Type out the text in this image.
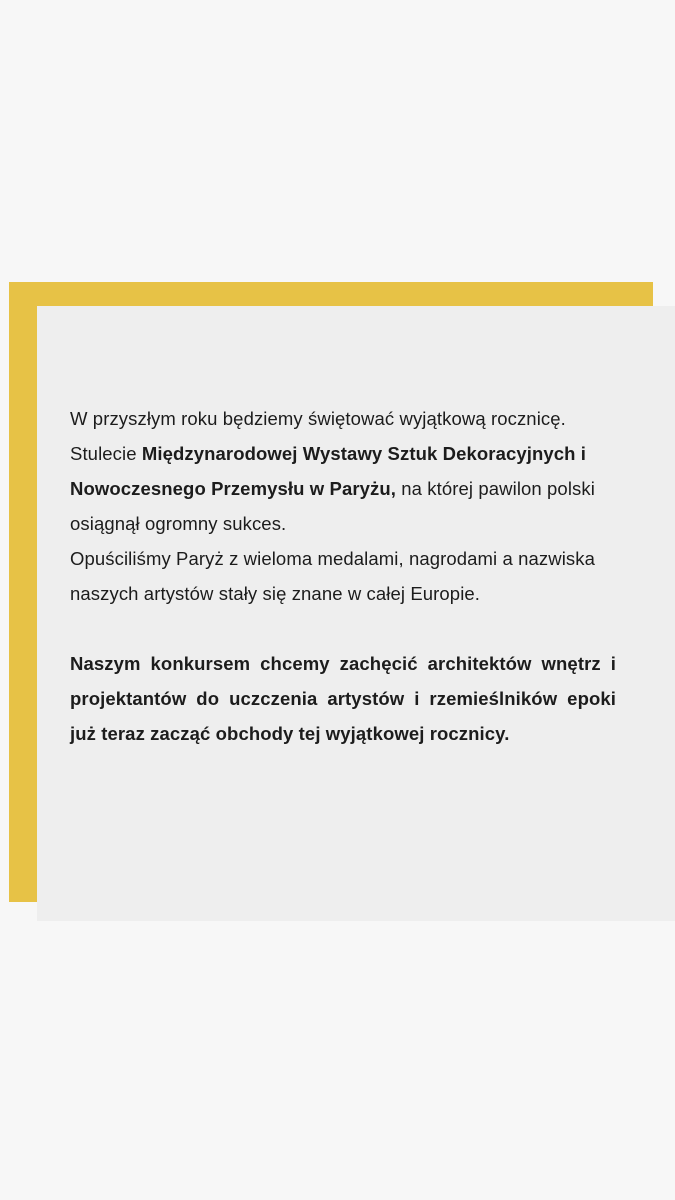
W przyszłym roku będziemy świętować wyjątkową rocznicę.
Stulecie Międzynarodowej Wystawy Sztuk Dekoracyjnych i Nowoczesnego Przemysłu w Paryżu, na której pawilon polski osiągnął ogromny sukces.
Opuściliśmy Paryż z wieloma medalami, nagrodami a nazwiska naszych artystów stały się znane w całej Europie.

Naszym konkursem chcemy zachęcić architektów wnętrz i projektantów do uczczenia artystów i rzemieślników epoki już teraz zacząć obchody tej wyjątkowej rocznicy.
